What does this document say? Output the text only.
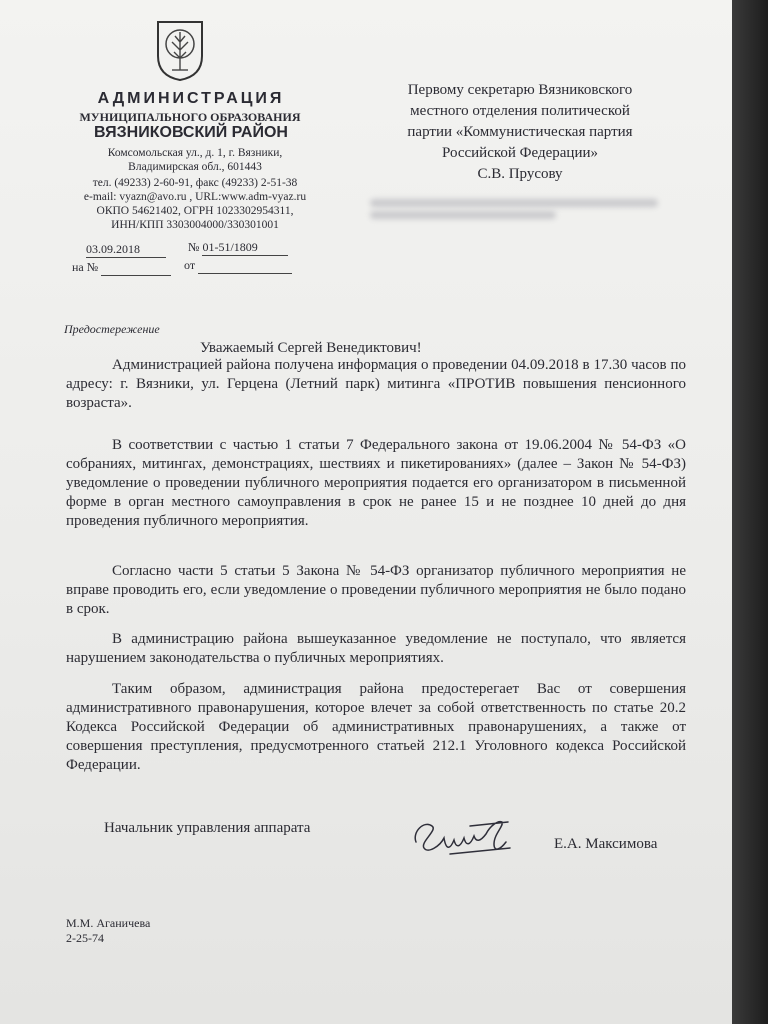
АДМИНИСТРАЦИЯ
МУНИЦИПАЛЬНОГО ОБРАЗОВАНИЯ
ВЯЗНИКОВСКИЙ РАЙОН
Комсомольская ул., д. 1, г. Вязники,
Владимирская обл., 601443
тел. (49233) 2-60-91, факс (49233) 2-51-38
e-mail: vyazn@avo.ru , URL:www.adm-vyaz.ru
ОКПО 54621402, ОГРН 1023302954311,
ИНН/КПП 3303004000/330301001
03.09.2018	№ 01-51/1809
на №	от
Первому секретарю Вязниковского
местного отделения политической
партии «Коммунистическая партия
Российской Федерации»
С.В. Прусову
Предостережение
Уважаемый Сергей Венедиктович!

Администрацией района получена информация о проведении 04.09.2018 в 17.30 часов по адресу: г. Вязники, ул. Герцена (Летний парк) митинга «ПРОТИВ повышения пенсионного возраста».

В соответствии с частью 1 статьи 7 Федерального закона от 19.06.2004 № 54-ФЗ «О собраниях, митингах, демонстрациях, шествиях и пикетированиях» (далее – Закон № 54-ФЗ) уведомление о проведении публичного мероприятия подается его организатором в письменной форме в орган местного самоуправления в срок не ранее 15 и не позднее 10 дней до дня проведения публичного мероприятия.

Согласно части 5 статьи 5 Закона № 54-ФЗ организатор публичного мероприятия не вправе проводить его, если уведомление о проведении публичного мероприятия не было подано в срок.

В администрацию района вышеуказанное уведомление не поступало, что является нарушением законодательства о публичных мероприятиях.

Таким образом, администрация района предостерегает Вас от совершения административного правонарушения, которое влечет за собой ответственность по статье 20.2 Кодекса Российской Федерации об административных правонарушениях, а также от совершения преступления, предусмотренного статьей 212.1 Уголовного кодекса Российской Федерации.

Начальник управления аппарата
Е.А. Максимова
М.М. Аганичева
2-25-74
